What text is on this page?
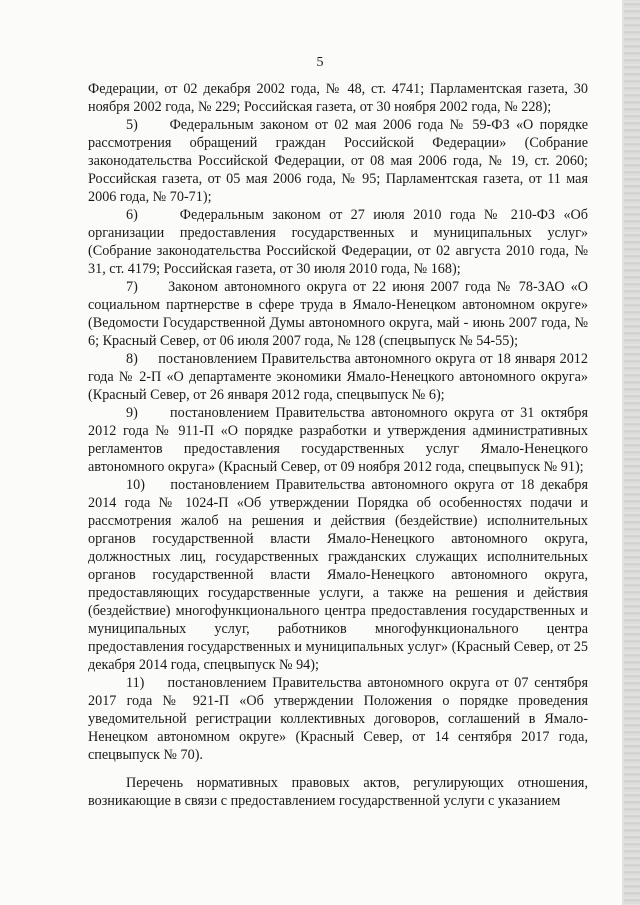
5

Федерации, от 02 декабря 2002 года, № 48, ст. 4741; Парламентская газета, 30 ноября 2002 года, № 229; Российская газета, от 30 ноября 2002 года, № 228);

5)     Федеральным законом от 02 мая 2006 года № 59-ФЗ «О порядке рассмотрения обращений граждан Российской Федерации» (Собрание законодательства Российской Федерации, от 08 мая 2006 года, № 19, ст. 2060; Российская газета, от 05 мая 2006 года, № 95; Парламентская газета, от 11 мая 2006 года, № 70-71);

6)     Федеральным законом от 27 июля 2010 года № 210-ФЗ «Об организации предоставления государственных и муниципальных услуг» (Собрание законодательства Российской Федерации, от 02 августа 2010 года, № 31, ст. 4179; Российская газета, от 30 июля 2010 года, № 168);

7)     Законом автономного округа от 22 июня 2007 года № 78-ЗАО «О социальном партнерстве в сфере труда в Ямало-Ненецком автономном округе» (Ведомости Государственной Думы автономного округа, май - июнь 2007 года, № 6; Красный Север, от 06 июля 2007 года, № 128 (спецвыпуск № 54-55);

8)     постановлением Правительства автономного округа от 18 января 2012 года № 2-П «О департаменте экономики Ямало-Ненецкого автономного округа» (Красный Север, от 26 января 2012 года, спецвыпуск № 6);

9)     постановлением Правительства автономного округа от 31 октября 2012 года № 911-П «О порядке разработки и утверждения административных регламентов предоставления государственных услуг Ямало-Ненецкого автономного округа» (Красный Север, от 09 ноября 2012 года, спецвыпуск № 91);

10)    постановлением Правительства автономного округа от 18 декабря 2014 года № 1024-П «Об утверждении Порядка об особенностях подачи и рассмотрения жалоб на решения и действия (бездействие) исполнительных органов государственной власти Ямало-Ненецкого автономного округа, должностных лиц, государственных гражданских служащих исполнительных органов государственной власти Ямало-Ненецкого автономного округа, предоставляющих государственные услуги, а также на решения и действия (бездействие) многофункционального центра предоставления государственных и муниципальных услуг, работников многофункционального центра предоставления государственных и муниципальных услуг» (Красный Север, от 25 декабря 2014 года, спецвыпуск № 94);

11)    постановлением Правительства автономного округа от 07 сентября 2017 года № 921-П «Об утверждении Положения о порядке проведения уведомительной регистрации коллективных договоров, соглашений в Ямало-Ненецком автономном округе» (Красный Север, от 14 сентября 2017 года, спецвыпуск № 70).

Перечень нормативных правовых актов, регулирующих отношения, возникающие в связи с предоставлением государственной услуги с указанием
